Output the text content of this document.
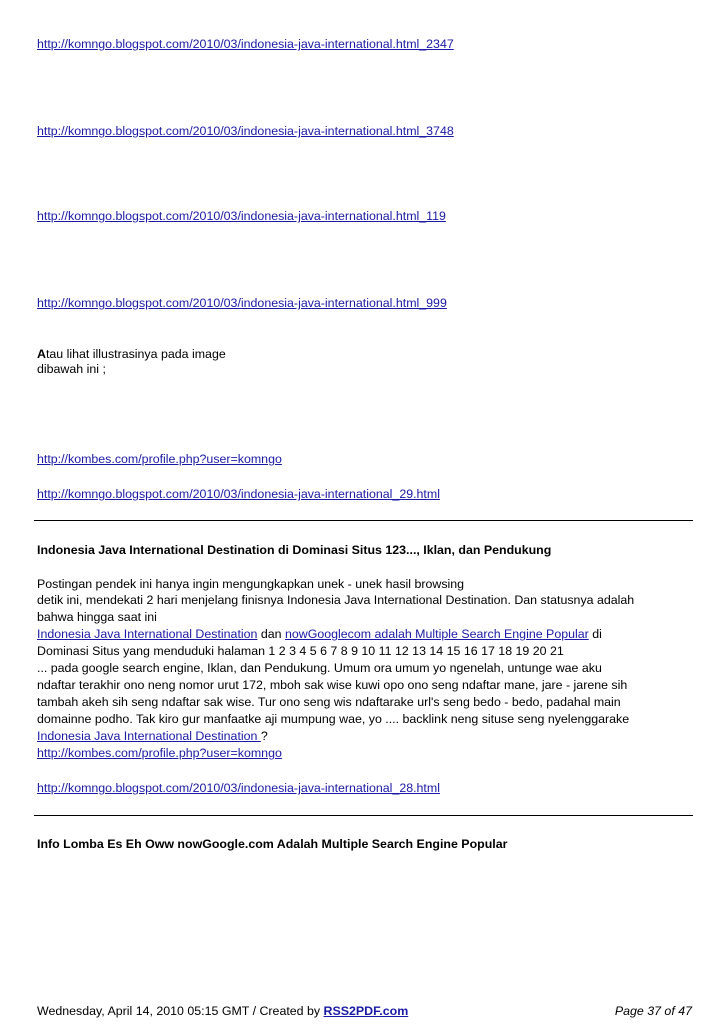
http://komngo.blogspot.com/2010/03/indonesia-java-international.html_2347
http://komngo.blogspot.com/2010/03/indonesia-java-international.html_3748
http://komngo.blogspot.com/2010/03/indonesia-java-international.html_119
http://komngo.blogspot.com/2010/03/indonesia-java-international.html_999
Atau lihat illustrasinya pada image
dibawah ini ;
http://kombes.com/profile.php?user=komngo
http://komngo.blogspot.com/2010/03/indonesia-java-international_29.html
Indonesia Java International Destination di Dominasi Situs 123..., Iklan, dan Pendukung
Postingan pendek ini hanya ingin mengungkapkan unek - unek hasil browsing
detik ini, mendekati 2 hari menjelang finisnya Indonesia Java International Destination. Dan statusnya adalah
bahwa hingga saat ini
Indonesia Java International Destination dan nowGooglecom adalah Multiple Search Engine Popular di
Dominasi Situs yang menduduki halaman 1 2 3 4 5 6 7 8 9 10 11 12 13 14 15 16 17 18 19 20 21
... pada google search engine, Iklan, dan Pendukung. Umum ora umum yo ngenelah, untunge wae aku
ndaftar terakhir ono neng nomor urut 172, mboh sak wise kuwi opo ono seng ndaftar mane, jare - jarene sih
tambah akeh sih seng ndaftar sak wise. Tur ono seng wis ndaftarake url's seng bedo - bedo, padahal main
domainne podho. Tak kiro gur manfaatke aji mumpung wae, yo .... backlink neng situse seng nyelenggarake
Indonesia Java International Destination ?
http://kombes.com/profile.php?user=komngo
http://komngo.blogspot.com/2010/03/indonesia-java-international_28.html
Info Lomba Es Eh Oww nowGoogle.com Adalah Multiple Search Engine Popular
Wednesday, April 14, 2010 05:15 GMT / Created by RSS2PDF.com	Page 37 of 47
